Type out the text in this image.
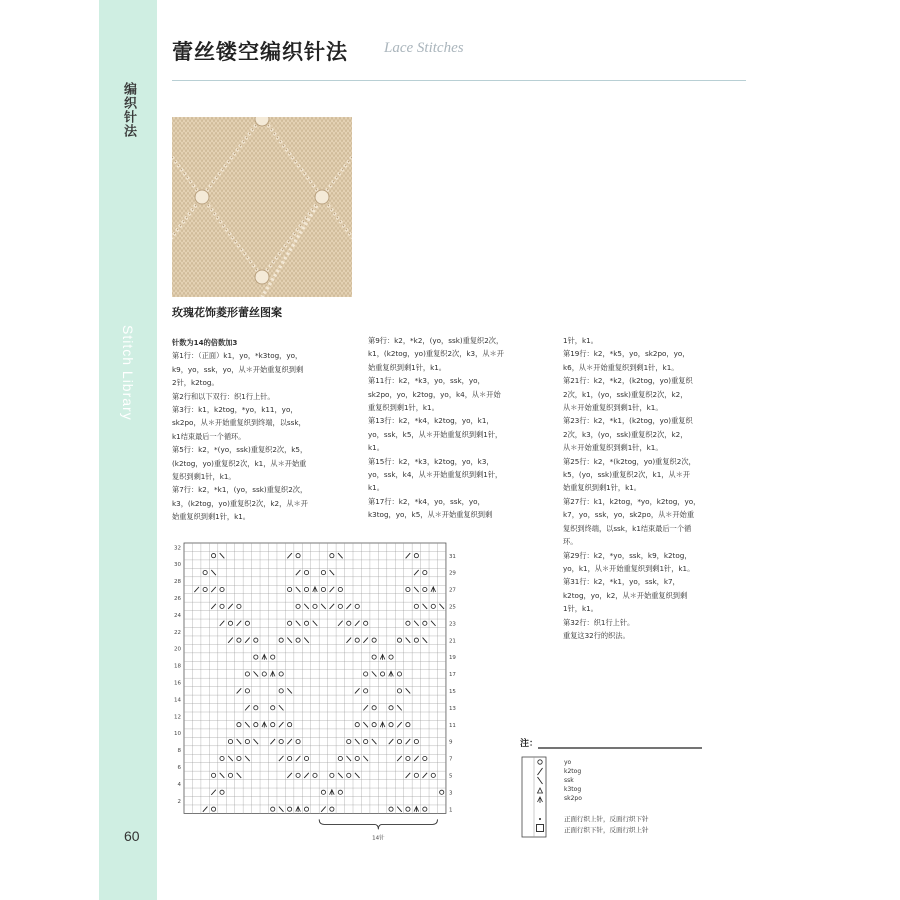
编织针法
Stitch Library
60
蕾丝镂空编织针法 Lace Stitches
玫瑰花饰菱形蕾丝图案
针数为14的倍数加3
第1行：（正面）k1，yo，*k3tog，yo，
k9，yo，ssk，yo，从＊开始重复织到剩
2针，k2tog。
第2行和以下双行：织1行上针。
第3行：k1，k2tog，*yo，k11，yo，
sk2po，从＊开始重复织到终端，以ssk，
k1结束最后一个循环。
第5行：k2，*(yo，ssk)重复织2次，k5，
(k2tog，yo)重复织2次，k1，从＊开始重
复织到剩1针，k1。
第7行：k2，*k1，(yo，ssk)重复织2次，
k3，(k2tog，yo)重复织2次，k2，从＊开
始重复织到剩1针，k1。
第9行：k2，*k2，(yo，ssk)重复织2次，
k1，(k2tog，yo)重复织2次，k3，从＊开
始重复织到剩1针，k1。
第11行：k2，*k3，yo，ssk，yo，
sk2po，yo，k2tog，yo，k4，从＊开始
重复织到剩1针，k1。
第13行：k2，*k4，k2tog，yo，k1，
yo，ssk，k5，从＊开始重复织到剩1针，
k1。
第15行：k2，*k3，k2tog，yo，k3，
yo，ssk，k4，从＊开始重复织到剩1针，
k1。
第17行：k2，*k4，yo，ssk，yo，
k3tog，yo，k5，从＊开始重复织到剩
1针，k1。
第19行：k2，*k5，yo，sk2po，yo，
k6，从＊开始重复织到剩1针，k1。
第21行：k2，*k2，(k2tog，yo)重复织
2次，k1，(yo，ssk)重复织2次，k2，
从＊开始重复织到剩1针，k1。
第23行：k2，*k1，(k2tog，yo)重复织
2次，k3，(yo，ssk)重复织2次，k2，
从＊开始重复织到剩1针，k1。
第25行：k2，*(k2tog，yo)重复织2次，
k5，(yo，ssk)重复织2次，k1，从＊开
始重复织到剩1针，k1。
第27行：k1，k2tog，*yo，k2tog，yo，
k7，yo，ssk，yo，sk2po，从＊开始重
复织到终端，以ssk，k1结束最后一个循
环。
第29行：k2，*yo，ssk，k9，k2tog，
yo，k1，从＊开始重复织到剩1针，k1。
第31行：k2，*k1，yo，ssk，k7，
k2tog，yo，k2，从＊开始重复织到剩
1针，k1。
第32行：织1行上针。
重复这32行的织法。
32
30
28
26
24
22
20
18
16
14
12
10
8
6
4
2
31
29
27
25
23
21
19
17
15
13
11
9
7
5
3
1
14针
注：
yo
k2tog
ssk
k3tog
sk2po
正面行织上针，反面行织下针
正面行织下针，反面行织上针
